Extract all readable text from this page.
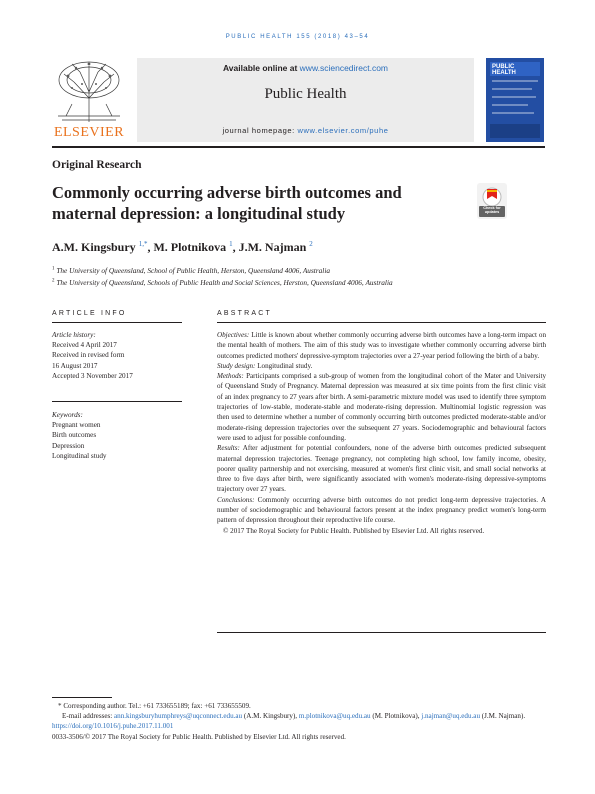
PUBLIC HEALTH 155 (2018) 43–54
ELSEVIER
Available online at www.sciencedirect.com
Public Health
journal homepage: www.elsevier.com/puhe
PUBLIC HEALTH
Original Research
Commonly occurring adverse birth outcomes and
maternal depression: a longitudinal study	Check for updates
A.M. Kingsbury $^{1,*}$, M. Plotnikova $^1$, J.M. Najman $^2$
$^1$ The University of Queensland, School of Public Health, Herston, Queensland 4006, Australia
$^2$ The University of Queensland, Schools of Public Health and Social Sciences, Herston, Queensland 4006, Australia
ARTICLE INFO
Article history:
Received 4 April 2017
Received in revised form
16 August 2017
Accepted 3 November 2017
Keywords:
Pregnant women
Birth outcomes
Depression
Longitudinal study
ABSTRACT

Objectives: Little is known about whether commonly occurring adverse birth outcomes have a long-term impact on the mental health of mothers. The aim of this study was to investigate whether commonly occurring adverse birth outcomes predicted mothers' depressive-symptom trajectories over a 27-year period following the birth of a baby.

Study design: Longitudinal study.

Methods: Participants comprised a sub-group of women from the longitudinal cohort of the Mater and University of Queensland Study of Pregnancy. Maternal depression was measured at six time points from the first clinic visit of an index pregnancy to 27 years after birth. A semi-parametric mixture model was used to identify three symptom trajectories of low-stable, moderate-stable and moderate-rising depression. Multinomial logistic regression was then used to determine whether a number of commonly occurring birth outcomes predicted moderate-stable and/or moderate-rising depression trajectories over the subsequent 27 years. Sociodemographic and behavioural factors were used to adjust for possible confounding.

Results: After adjustment for potential confounders, none of the adverse birth outcomes predicted subsequent maternal depression trajectories. Teenage pregnancy, not completing high school, low family income, obesity, poorer quality partnership and not exercising, measured at women's first clinic visit, and small social networks at three to five days after birth, were significantly associated with women's moderate-rising depressive-symptoms trajectory over 27 years.

Conclusions: Commonly occurring adverse birth outcomes do not predict long-term depressive trajectories. A number of sociodemographic and behavioural factors present at the index pregnancy predict women's long-term pattern of depression throughout their reproductive life course.

© 2017 The Royal Society for Public Health. Published by Elsevier Ltd. All rights reserved.

* Corresponding author. Tel.: +61 733655189; fax: +61 733655509.

E-mail addresses: ann.kingsburyhumphreys@uqconnect.edu.au (A.M. Kingsbury), m.plotnikova@uq.edu.au (M. Plotnikova), j.najman@uq.edu.au (J.M. Najman).

https://doi.org/10.1016/j.puhe.2017.11.001

0033-3506/© 2017 The Royal Society for Public Health. Published by Elsevier Ltd. All rights reserved.
